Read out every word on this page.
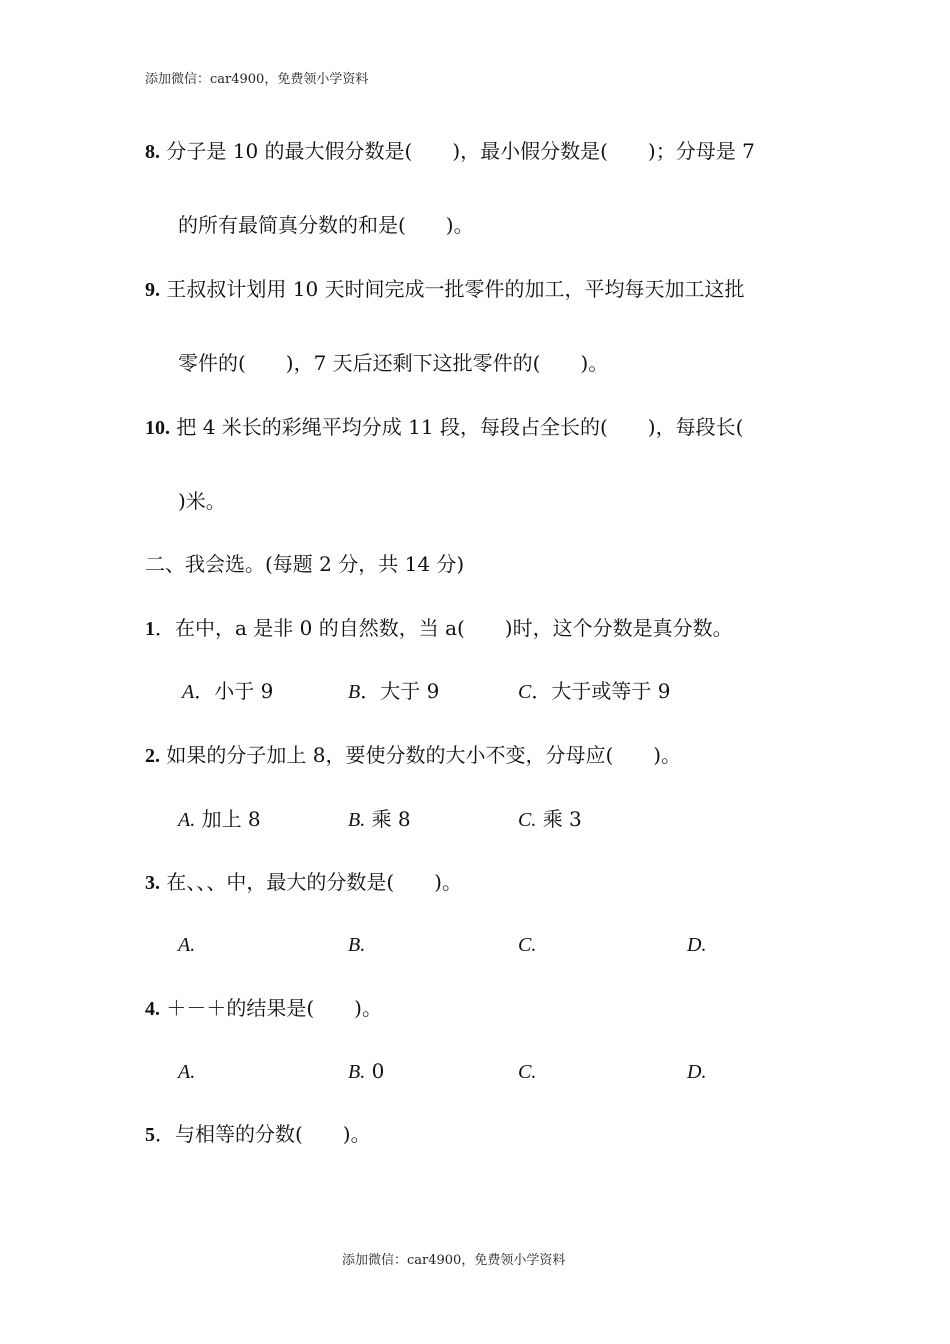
添加微信：car4900，免费领小学资料
8. 分子是 10 的最大假分数是(　　)，最小假分数是(　　)；分母是 7
的所有最简真分数的和是(　　)。
9. 王叔叔计划用 10 天时间完成一批零件的加工，平均每天加工这批
零件的(　　)，7 天后还剩下这批零件的(　　)。
10. 把 4 米长的彩绳平均分成 11 段，每段占全长的(　　)，每段长(
)米。
二、我会选。(每题 2 分，共 14 分)
1．在中，a 是非 0 的自然数，当 a(　　)时，这个分数是真分数。
A．小于 9	B．大于 9	C．大于或等于 9
2. 如果的分子加上 8，要使分数的大小不变，分母应(　　)。
A. 加上 8	B. 乘 8	C. 乘 3
3. 在、、、中，最大的分数是(　　)。
A.	B.	C.	D.
4. ＋－＋的结果是(　　)。
A.	B. 0	C.	D.
5．与相等的分数(　　)。
添加微信：car4900，免费领小学资料
